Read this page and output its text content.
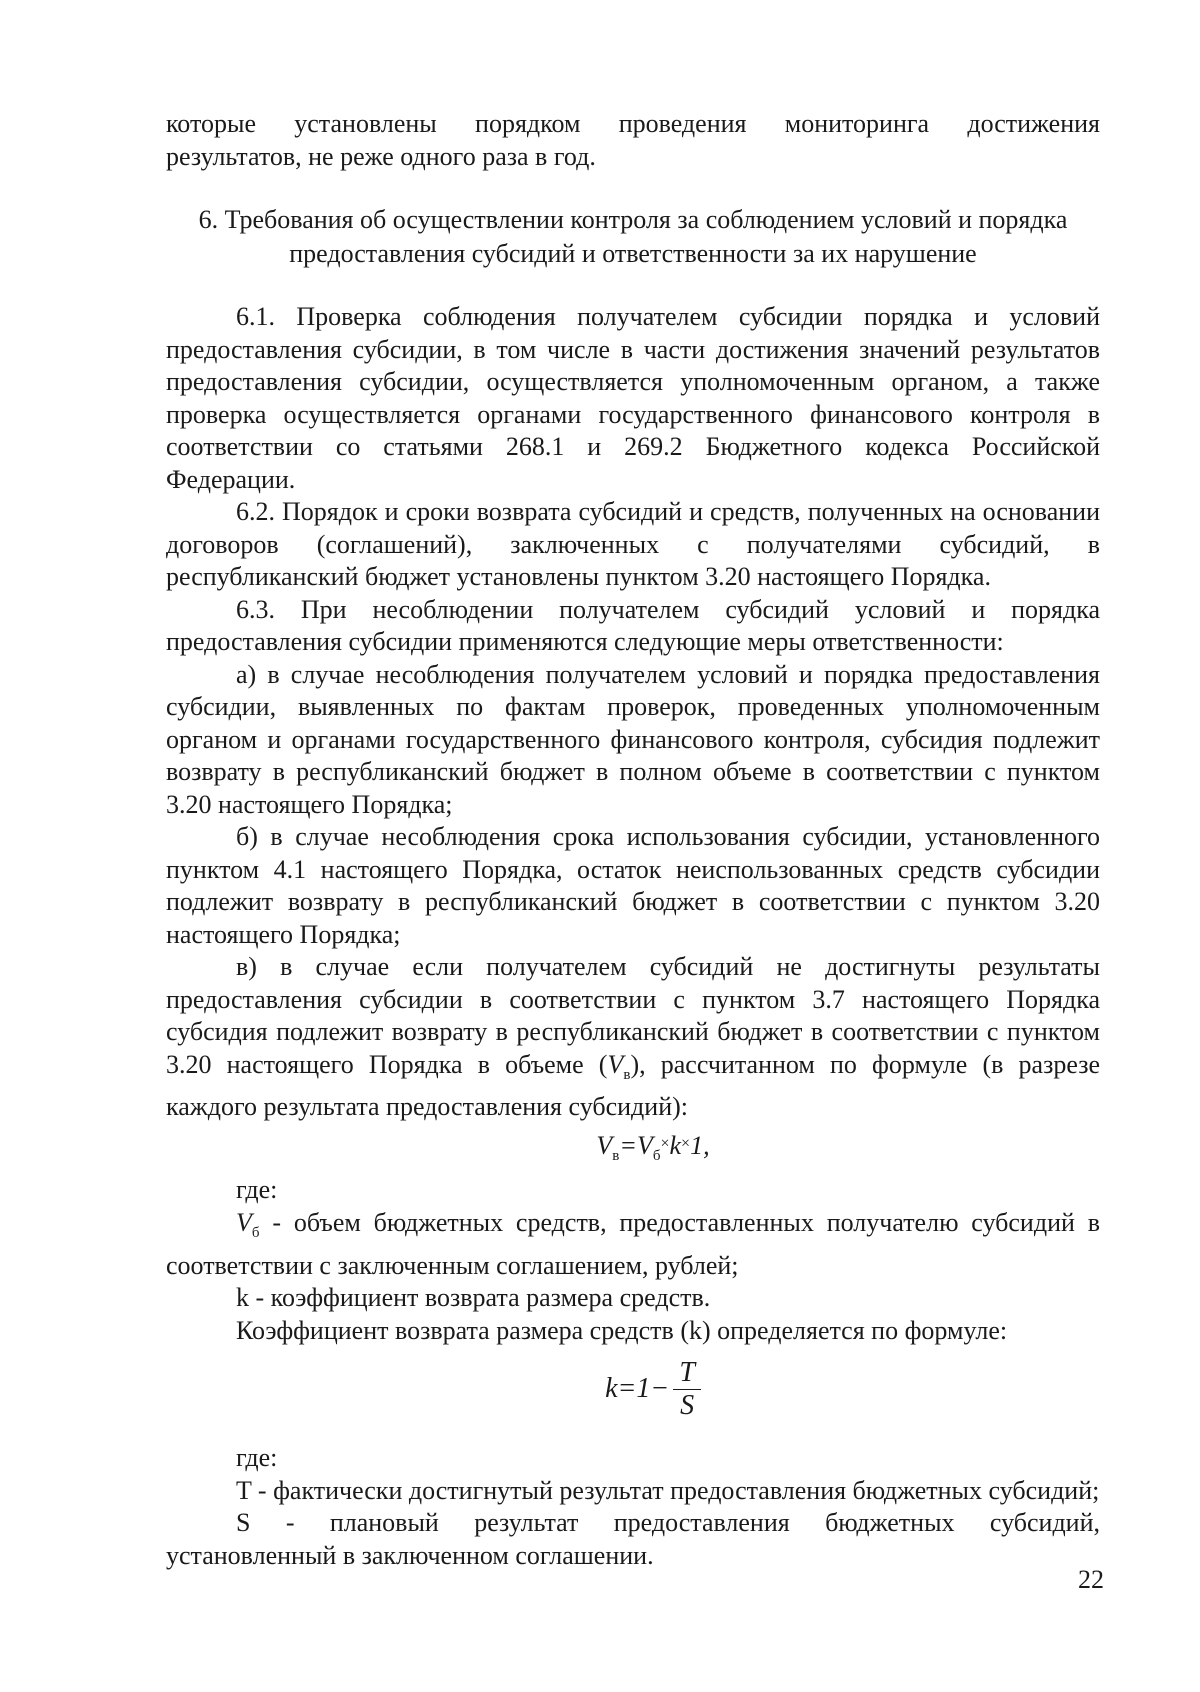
которые установлены порядком проведения мониторинга достижения

результатов, не реже одного раза в год.

6. Требования об осуществлении контроля за соблюдением условий и порядка
предоставления субсидий и ответственности за их нарушение

6.1. Проверка соблюдения получателем субсидии порядка и условий предоставления субсидии, в том числе в части достижения значений результатов предоставления субсидии, осуществляется уполномоченным органом, а также проверка осуществляется органами государственного финансового контроля в соответствии со статьями 268.1 и 269.2 Бюджетного кодекса Российской Федерации.

6.2. Порядок и сроки возврата субсидий и средств, полученных на основании договоров (соглашений), заключенных с получателями субсидий, в республиканский бюджет установлены пунктом 3.20 настоящего Порядка.

6.3. При несоблюдении получателем субсидий условий и порядка предоставления субсидии применяются следующие меры ответственности:

а) в случае несоблюдения получателем условий и порядка предоставления субсидии, выявленных по фактам проверок, проведенных уполномоченным органом и органами государственного финансового контроля, субсидия подлежит возврату в республиканский бюджет в полном объеме в соответствии с пунктом 3.20 настоящего Порядка;

б) в случае несоблюдения срока использования субсидии, установленного пунктом 4.1 настоящего Порядка, остаток неиспользованных средств субсидии подлежит возврату в республиканский бюджет в соответствии с пунктом 3.20 настоящего Порядка;

в) в случае если получателем субсидий не достигнуты результаты предоставления субсидии в соответствии с пунктом 3.7 настоящего Порядка субсидия подлежит возврату в республиканский бюджет в соответствии с пунктом 3.20 настоящего Порядка в объеме $(V_в)$, рассчитанном по формуле (в разрезе каждого результата предоставления субсидий):

$V_в=V_б^\times k^\times 1$,

где:

$V_б$ - объем бюджетных средств, предоставленных получателю субсидий в соответствии с заключенным соглашением, рублей;

k - коэффициент возврата размера средств.

Коэффициент возврата размера средств (k) определяется по формуле:

$k=1- \frac{T}{S}$

где:

T - фактически достигнутый результат предоставления бюджетных субсидий;

S - плановый результат предоставления бюджетных субсидий, установленный в заключенном соглашении.

22
